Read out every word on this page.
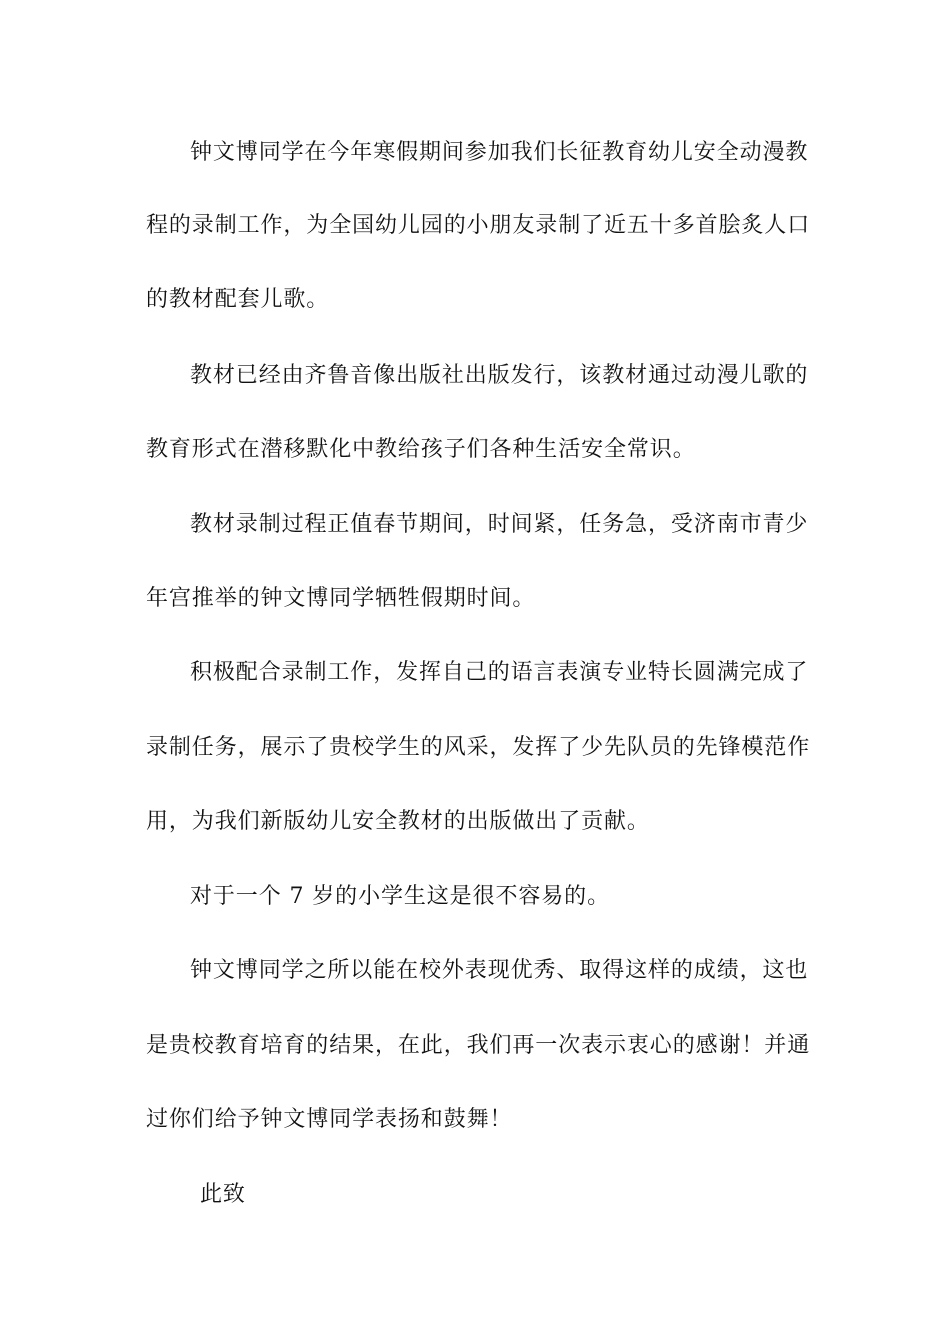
钟文博同学在今年寒假期间参加我们长征教育幼儿安全动漫教
程的录制工作，为全国幼儿园的小朋友录制了近五十多首脍炙人口
的教材配套儿歌。
教材已经由齐鲁音像出版社出版发行，该教材通过动漫儿歌的
教育形式在潜移默化中教给孩子们各种生活安全常识。
教材录制过程正值春节期间，时间紧，任务急，受济南市青少
年宫推举的钟文博同学牺牲假期时间。
积极配合录制工作，发挥自己的语言表演专业特长圆满完成了
录制任务，展示了贵校学生的风采，发挥了少先队员的先锋模范作
用，为我们新版幼儿安全教材的出版做出了贡献。
对于一个 7 岁的小学生这是很不容易的。
钟文博同学之所以能在校外表现优秀、取得这样的成绩，这也
是贵校教育培育的结果，在此，我们再一次表示衷心的感谢！并通
过你们给予钟文博同学表扬和鼓舞！
此致
